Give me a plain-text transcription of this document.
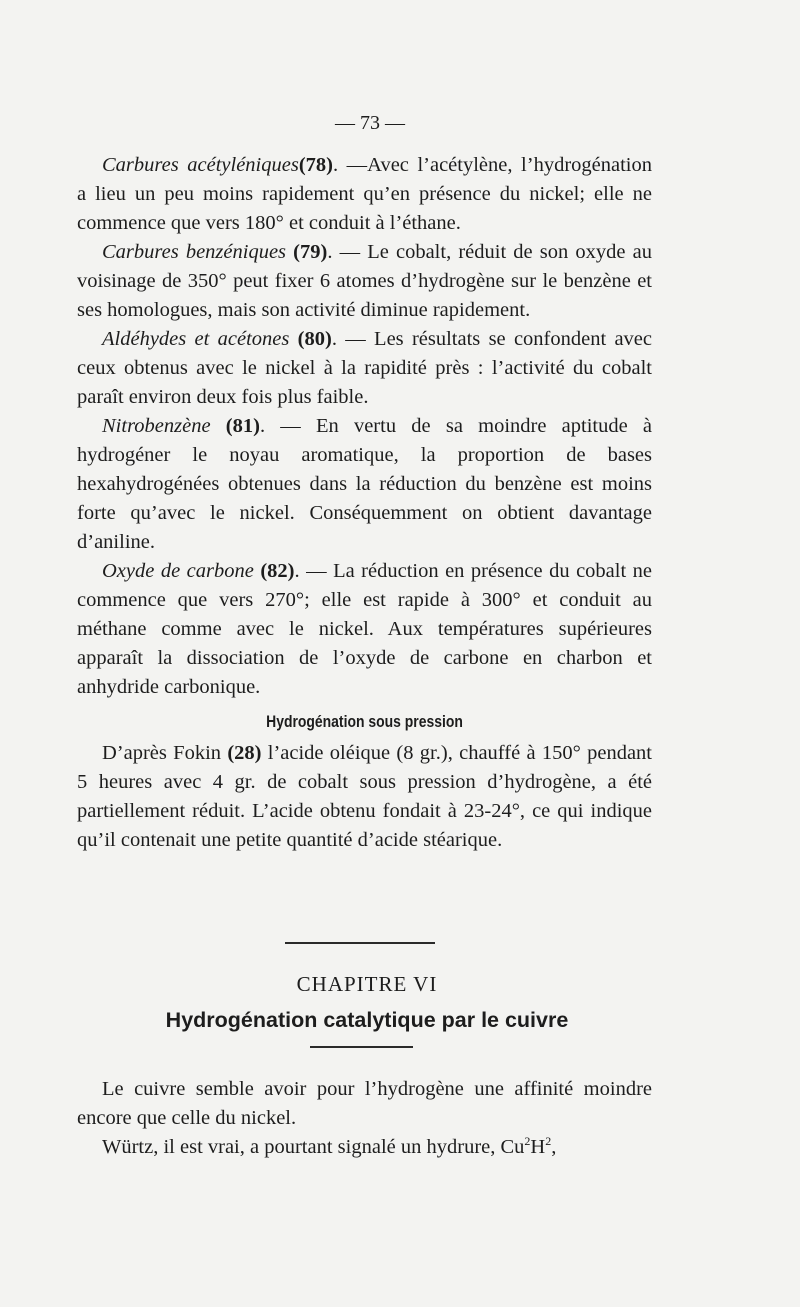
— 73 —

Carbures acétyléniques(78). —Avec l’acétylène, l’hydrogénation a lieu un peu moins rapidement qu’en présence du nickel; elle ne commence que vers 180° et conduit à l’éthane.

Carbures benzéniques (79). — Le cobalt, réduit de son oxyde au voisinage de 350° peut fixer 6 atomes d’hydrogène sur le benzène et ses homologues, mais son activité diminue rapidement.

Aldéhydes et acétones (80). — Les résultats se confondent avec ceux obtenus avec le nickel à la rapidité près : l’activité du cobalt paraît environ deux fois plus faible.

Nitrobenzène (81). — En vertu de sa moindre aptitude à hydrogéner le noyau aromatique, la proportion de bases hexahydrogénées obtenues dans la réduction du benzène est moins forte qu’avec le nickel. Conséquemment on obtient davantage d’aniline.

Oxyde de carbone (82). — La réduction en présence du cobalt ne commence que vers 270°; elle est rapide à 300° et conduit au méthane comme avec le nickel. Aux températures supérieures apparaît la dissociation de l’oxyde de carbone en charbon et anhydride carbonique.

Hydrogénation sous pression

D’après Fokin (28) l’acide oléique (8 gr.), chauffé à 150° pendant 5 heures avec 4 gr. de cobalt sous pression d’hydrogène, a été partiellement réduit. L’acide obtenu fondait à 23-24°, ce qui indique qu’il contenait une petite quantité d’acide stéarique.

CHAPITRE VI
Hydrogénation catalytique par le cuivre

Le cuivre semble avoir pour l’hydrogène une affinité moindre encore que celle du nickel.

Würtz, il est vrai, a pourtant signalé un hydrure, $Cu^2H^2$,
